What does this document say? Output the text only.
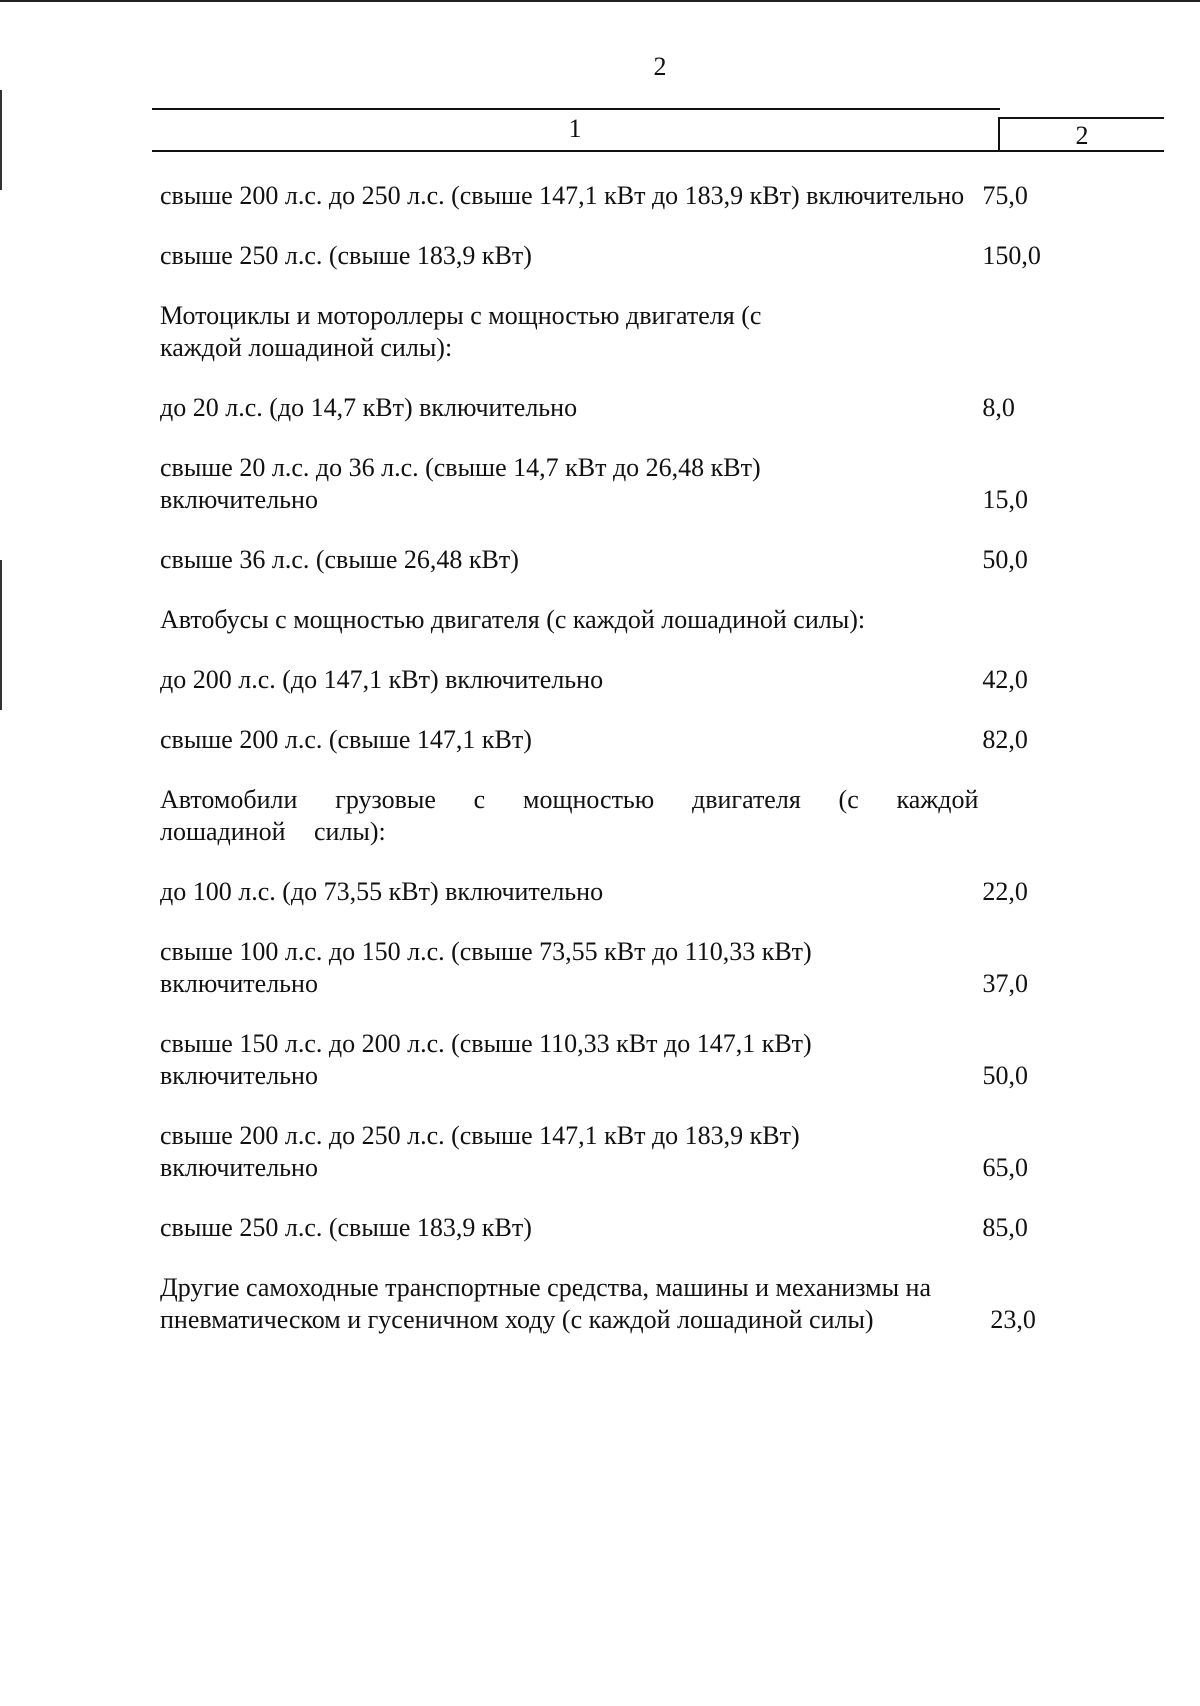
2
1	2
свыше 200 л.с. до 250 л.с. (свыше 147,1 кВт до 183,9 кВт) включительно 75,0
свыше 250 л.с. (свыше 183,9 кВт)	150,0
Мотоциклы и мотороллеры с мощностью двигателя (с каждой лошадиной силы):
до 20 л.с. (до 14,7 кВт) включительно	8,0
свыше 20 л.с. до 36 л.с. (свыше 14,7 кВт до 26,48 кВт) включительно	15,0
свыше 36 л.с. (свыше 26,48 кВт)	50,0
Автобусы с мощностью двигателя (с каждой лошадиной силы):
до 200 л.с. (до 147,1 кВт) включительно	42,0
свыше 200 л.с. (свыше 147,1 кВт)	82,0
Автомобили грузовые с мощностью двигателя (с каждой лошадиной силы):
до 100 л.с. (до 73,55 кВт) включительно	22,0
свыше 100 л.с. до 150 л.с. (свыше 73,55 кВт до 110,33 кВт) включительно	37,0
свыше 150 л.с. до 200 л.с. (свыше 110,33 кВт до 147,1 кВт) включительно	50,0
свыше 200 л.с. до 250 л.с. (свыше 147,1 кВт до 183,9 кВт) включительно	65,0
свыше 250 л.с. (свыше 183,9 кВт)	85,0
Другие самоходные транспортные средства, машины и механизмы на пневматическом и гусеничном ходу (с каждой лошадиной силы)	23,0
